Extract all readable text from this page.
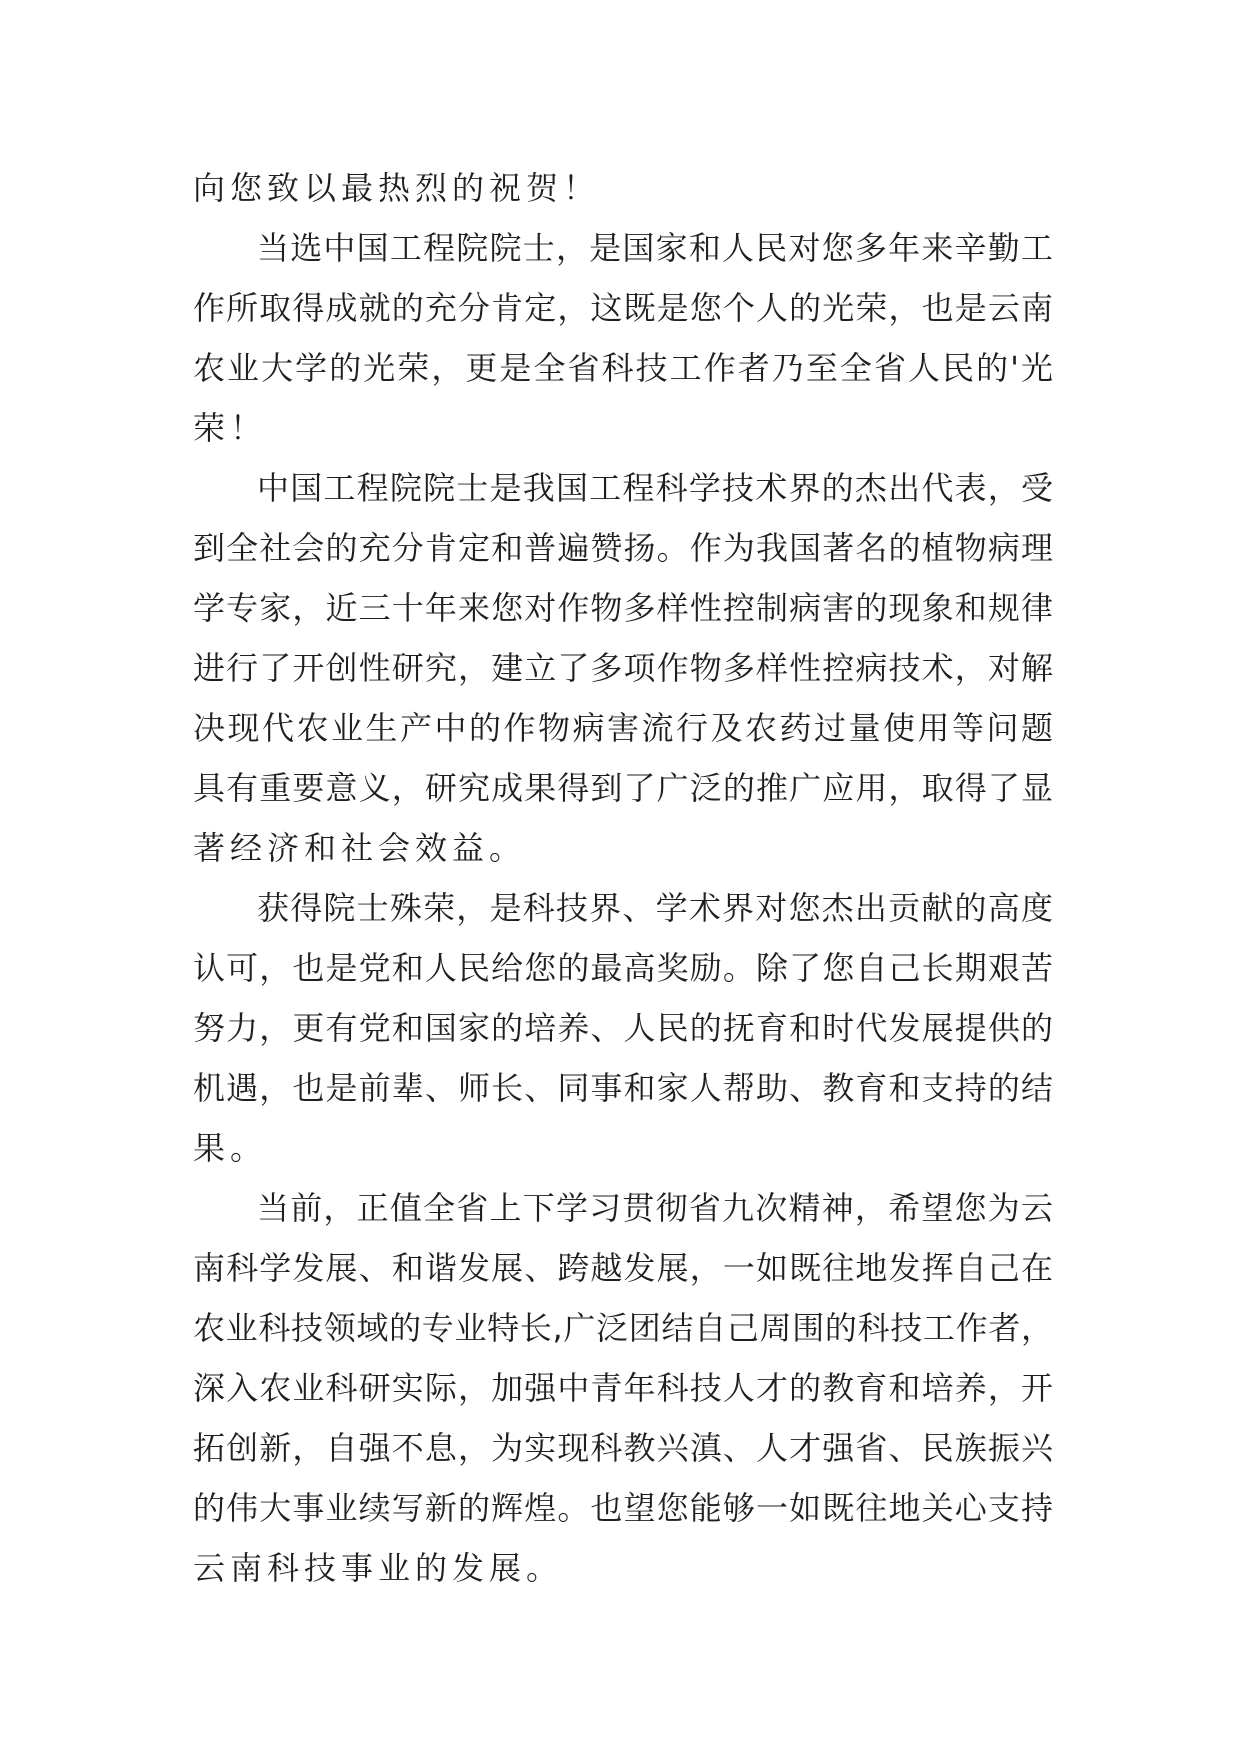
向您致以最热烈的祝贺！
当选中国工程院院士，是国家和人民对您多年来辛勤工
作所取得成就的充分肯定，这既是您个人的光荣，也是云南
农业大学的光荣，更是全省科技工作者乃至全省人民的'光
荣！
中国工程院院士是我国工程科学技术界的杰出代表，受
到全社会的充分肯定和普遍赞扬。作为我国著名的植物病理
学专家，近三十年来您对作物多样性控制病害的现象和规律
进行了开创性研究，建立了多项作物多样性控病技术，对解
决现代农业生产中的作物病害流行及农药过量使用等问题
具有重要意义，研究成果得到了广泛的推广应用，取得了显
著经济和社会效益。
获得院士殊荣，是科技界、学术界对您杰出贡献的高度
认可，也是党和人民给您的最高奖励。除了您自己长期艰苦
努力，更有党和国家的培养、人民的抚育和时代发展提供的
机遇，也是前辈、师长、同事和家人帮助、教育和支持的结
果。
当前，正值全省上下学习贯彻省九次精神，希望您为云
南科学发展、和谐发展、跨越发展，一如既往地发挥自己在
农业科技领域的专业特长,广泛团结自己周围的科技工作者，
深入农业科研实际，加强中青年科技人才的教育和培养，开
拓创新，自强不息，为实现科教兴滇、人才强省、民族振兴
的伟大事业续写新的辉煌。也望您能够一如既往地关心支持
云南科技事业的发展。
